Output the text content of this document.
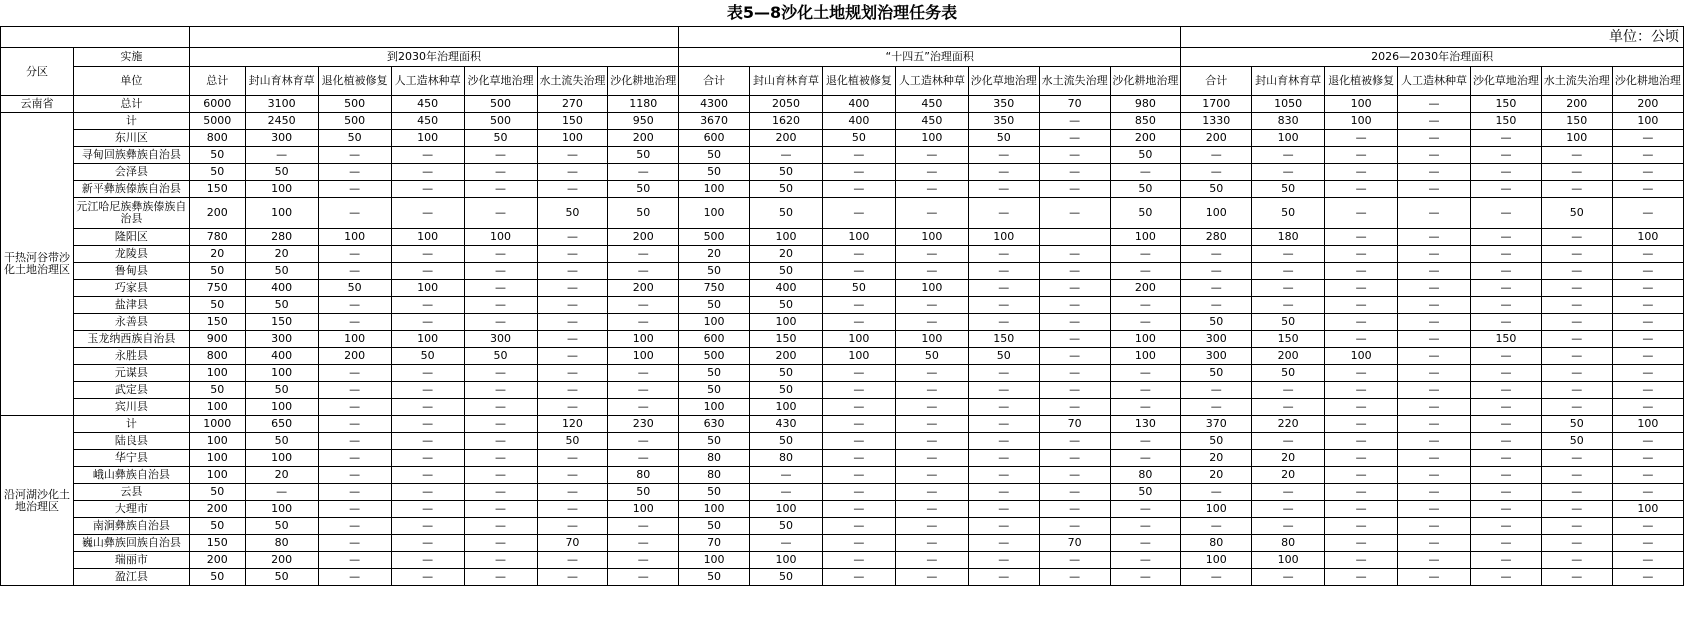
表5—8沙化土地规划治理任务表																						
																单位：公顷						
分区	实施	到2030年治理面积							“十四五”治理面积							2026—2030年治理面积						
	单位	总计	封山育林育草	退化植被修复	人工造林种草	沙化草地治理	水土流失治理	沙化耕地治理	合计	封山育林育草	退化植被修复	人工造林种草	沙化草地治理	水土流失治理	沙化耕地治理	合计	封山育林育草	退化植被修复	人工造林种草	沙化草地治理	水土流失治理	沙化耕地治理
云南省	总计	6000	3100	500	450	500	270	1180	4300	2050	400	450	350	70	980	1700	1050	100	—	150	200	200
干热河谷带沙化土地治理区	计	5000	2450	500	450	500	150	950	3670	1620	400	450	350	—	850	1330	830	100	—	150	150	100
	东川区	800	300	50	100	50	100	200	600	200	50	100	50	—	200	200	100	—	—	—	100	—
	寻甸回族彝族自治县	50	—	—	—	—	—	50	50	—	—	—	—	—	50	—	—	—	—	—	—	—
	会泽县	50	50	—	—	—	—	—	50	50	—	—	—	—	—	—	—	—	—	—	—	—
	新平彝族傣族自治县	150	100	—	—	—	—	50	100	50	—	—	—	—	50	50	50	—	—	—	—	—
	元江哈尼族彝族傣族自治县	200	100	—	—	—	50	50	100	50	—	—	—	—	50	100	50	—	—	—	50	—
	隆阳区	780	280	100	100	100	—	200	500	100	100	100	100		100	280	180	—	—	—	—	100
	龙陵县	20	20	—	—	—	—	—	20	20	—	—	—	—	—	—	—	—	—	—	—	—
	鲁甸县	50	50	—	—	—	—	—	50	50	—	—	—	—	—	—	—	—	—	—	—	—
	巧家县	750	400	50	100	—	—	200	750	400	50	100	—	—	200	—	—	—	—	—	—	—
	盐津县	50	50	—	—	—	—	—	50	50	—	—	—	—	—	—	—	—	—	—	—	—
	永善县	150	150	—	—	—	—	—	100	100	—	—	—	—	—	50	50	—	—	—	—	—
	玉龙纳西族自治县	900	300	100	100	300	—	100	600	150	100	100	150	—	100	300	150	—	—	150	—	—
	永胜县	800	400	200	50	50	—	100	500	200	100	50	50	—	100	300	200	100	—	—	—	—
	元谋县	100	100	—	—	—	—	—	50	50	—	—	—	—	—	50	50	—	—	—	—	—
	武定县	50	50	—	—	—	—	—	50	50	—	—	—	—	—	—	—	—	—	—	—	—
	宾川县	100	100	—	—	—	—	—	100	100	—	—	—	—	—	—	—	—	—	—	—	—
沿河湖沙化土地治理区	计	1000	650	—	—	—	120	230	630	430	—	—	—	70	130	370	220	—	—	—	50	100
	陆良县	100	50	—	—	—	50	—	50	50	—	—	—	—	—	50	—	—	—	—	50	—
	华宁县	100	100	—	—	—	—	—	80	80	—	—	—	—	—	20	20	—	—	—	—	—
	峨山彝族自治县	100	20	—	—	—	—	80	80	—	—	—	—	—	80	20	20	—	—	—	—	—
	云县	50	—	—	—	—	—	50	50	—	—	—	—	—	50	—	—	—	—	—	—	—
	大理市	200	100	—	—	—	—	100	100	100	—	—	—	—	—	100	—	—	—	—	—	100
	南涧彝族自治县	50	50	—	—	—	—	—	50	50	—	—	—	—	—	—	—	—	—	—	—	—
	巍山彝族回族自治县	150	80	—	—	—	70	—	70	—	—	—	—	70	—	80	80	—	—	—	—	—
	瑞丽市	200	200	—	—	—	—	—	100	100	—	—	—	—	—	100	100	—	—	—	—	—
	盈江县	50	50	—	—	—	—	—	50	50	—	—	—	—	—	—	—	—	—	—	—	—
